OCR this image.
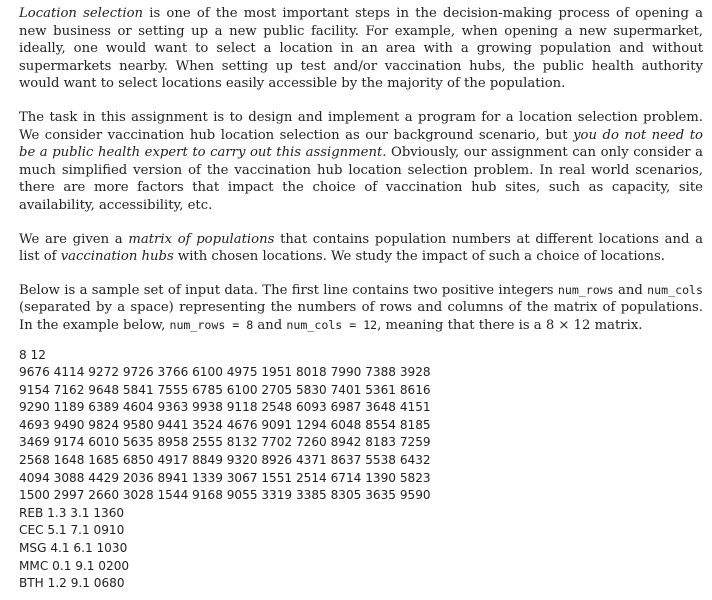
Location selection is one of the most important steps in the decision-making process of opening a new business or setting up a new public facility. For example, when opening a new supermarket, ideally, one would want to select a location in an area with a growing population and without supermarkets nearby. When setting up test and/or vaccination hubs, the public health authority would want to select locations easily accessible by the majority of the population.

The task in this assignment is to design and implement a program for a location selection problem. We consider vaccination hub location selection as our background scenario, but you do not need to be a public health expert to carry out this assignment. Obviously, our assignment can only consider a much simplified version of the vaccination hub location selection problem. In real world scenarios, there are more factors that impact the choice of vaccination hub sites, such as capacity, site availability, accessibility, etc.

We are given a matrix of populations that contains population numbers at different locations and a list of vaccination hubs with chosen locations. We study the impact of such a choice of locations.

Below is a sample set of input data. The first line contains two positive integers num_rows and num_cols (separated by a space) representing the numbers of rows and columns of the matrix of populations. In the example below, num_rows = 8 and num_cols = 12, meaning that there is a 8 × 12 matrix.

8 12
9676 4114 9272 9726 3766 6100 4975 1951 8018 7990 7388 3928
9154 7162 9648 5841 7555 6785 6100 2705 5830 7401 5361 8616
9290 1189 6389 4604 9363 9938 9118 2548 6093 6987 3648 4151
4693 9490 9824 9580 9441 3524 4676 9091 1294 6048 8554 8185
3469 9174 6010 5635 8958 2555 8132 7702 7260 8942 8183 7259
2568 1648 1685 6850 4917 8849 9320 8926 4371 8637 5538 6432
4094 3088 4429 2036 8941 1339 3067 1551 2514 6714 1390 5823
1500 2997 2660 3028 1544 9168 9055 3319 3385 8305 3635 9590
REB 1.3 3.1 1360
CEC 5.1 7.1 0910
MSG 4.1 6.1 1030
MMC 0.1 9.1 0200
BTH 1.2 9.1 0680
